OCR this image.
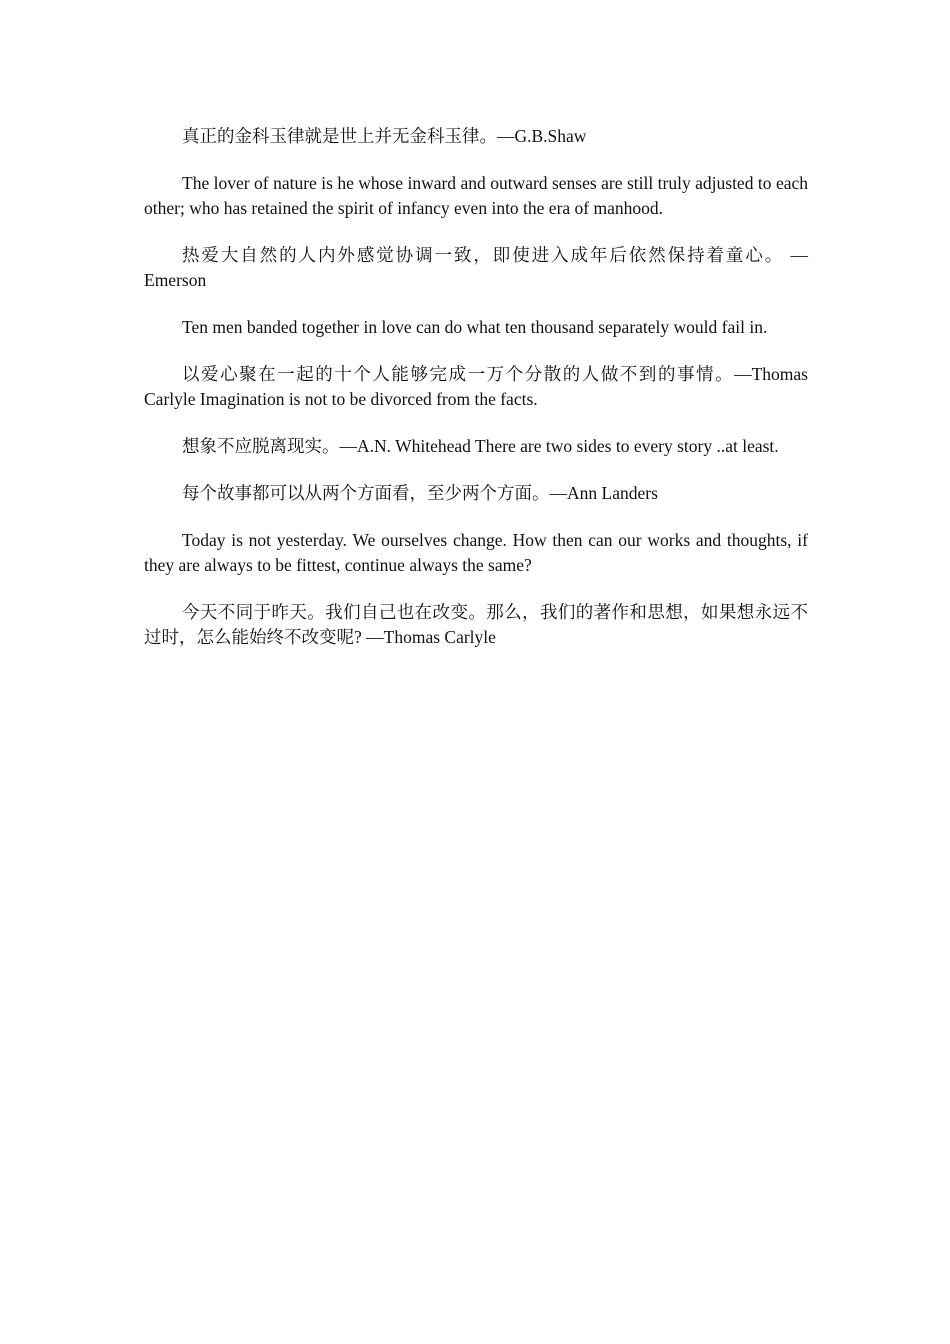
真正的金科玉律就是世上并无金科玉律。—G.B.Shaw

The lover of nature is he whose inward and outward senses are still truly adjusted to each other; who has retained the spirit of infancy even into the era of manhood.

热爱大自然的人内外感觉协调一致，即使进入成年后依然保持着童心。 —Emerson

Ten men banded together in love can do what ten thousand separately would fail in.

以爱心聚在一起的十个人能够完成一万个分散的人做不到的事情。—Thomas Carlyle Imagination is not to be divorced from the facts.

想象不应脱离现实。—A.N. Whitehead There are two sides to every story ..at least.

每个故事都可以从两个方面看，至少两个方面。—Ann Landers

Today is not yesterday. We ourselves change. How then can our works and thoughts, if they are always to be fittest, continue always the same?

今天不同于昨天。我们自己也在改变。那么，我们的著作和思想，如果想永远不过时，怎么能始终不改变呢? —Thomas Carlyle
